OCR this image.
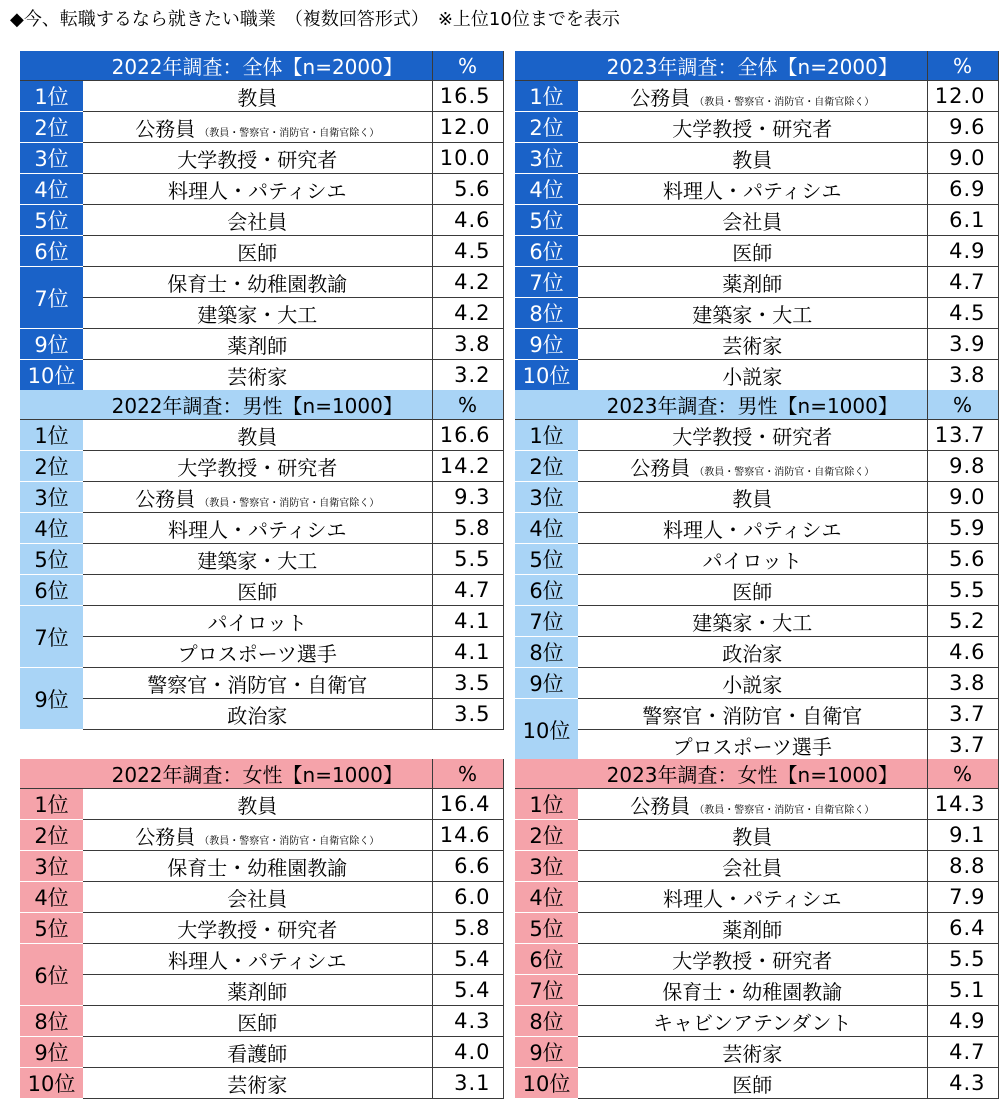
◆今、転職するなら就きたい職業　（複数回答形式）　※上位10位までを表示
	2022年調査：全体【n=2000】	%
1位	教員	16.5
2位	公務員 （教員・警察官・消防官・自衛官除く）	12.0
3位	大学教授・研究者	10.0
4位	料理人・パティシエ	5.6
5位	会社員	4.6
6位	医師	4.5
7位	保育士・幼稚園教諭	4.2
	建築家・大工	4.2
9位	薬剤師	3.8
10位	芸術家	3.2
	2023年調査：全体【n=2000】	%
1位	公務員 （教員・警察官・消防官・自衛官除く）	12.0
2位	大学教授・研究者	9.6
3位	教員	9.0
4位	料理人・パティシエ	6.9
5位	会社員	6.1
6位	医師	4.9
7位	薬剤師	4.7
8位	建築家・大工	4.5
9位	芸術家	3.9
10位	小説家	3.8
	2022年調査：男性【n=1000】	%
1位	教員	16.6
2位	大学教授・研究者	14.2
3位	公務員 （教員・警察官・消防官・自衛官除く）	9.3
4位	料理人・パティシエ	5.8
5位	建築家・大工	5.5
6位	医師	4.7
7位	パイロット	4.1
	プロスポーツ選手	4.1
9位	警察官・消防官・自衛官	3.5
	政治家	3.5
	2023年調査：男性【n=1000】	%
1位	大学教授・研究者	13.7
2位	公務員 （教員・警察官・消防官・自衛官除く）	9.8
3位	教員	9.0
4位	料理人・パティシエ	5.9
5位	パイロット	5.6
6位	医師	5.5
7位	建築家・大工	5.2
8位	政治家	4.6
9位	小説家	3.8
10位	警察官・消防官・自衛官	3.7
	プロスポーツ選手	3.7
	2022年調査：女性【n=1000】	%
1位	教員	16.4
2位	公務員 （教員・警察官・消防官・自衛官除く）	14.6
3位	保育士・幼稚園教諭	6.6
4位	会社員	6.0
5位	大学教授・研究者	5.8
6位	料理人・パティシエ	5.4
	薬剤師	5.4
8位	医師	4.3
9位	看護師	4.0
10位	芸術家	3.1
	2023年調査：女性【n=1000】	%
1位	公務員 （教員・警察官・消防官・自衛官除く）	14.3
2位	教員	9.1
3位	会社員	8.8
4位	料理人・パティシエ	7.9
5位	薬剤師	6.4
6位	大学教授・研究者	5.5
7位	保育士・幼稚園教諭	5.1
8位	キャビンアテンダント	4.9
9位	芸術家	4.7
10位	医師	4.3
